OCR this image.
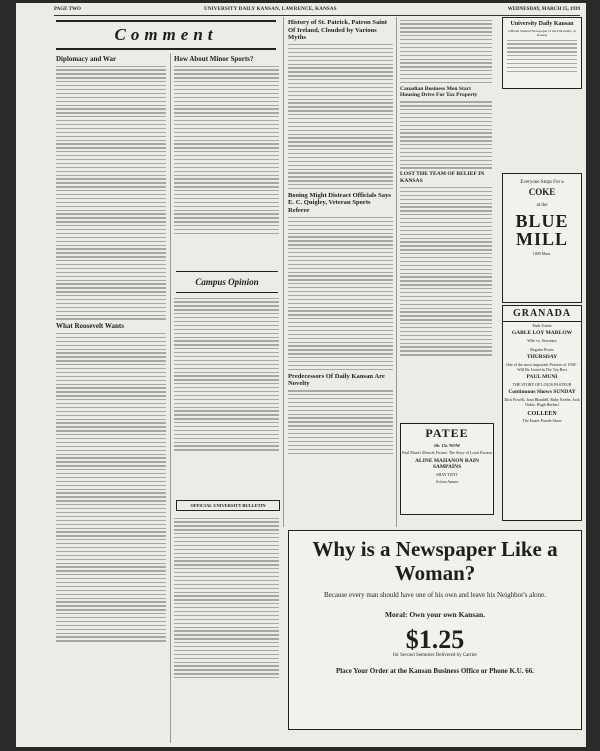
PAGE TWO	UNIVERSITY DAILY KANSAN, LAWRENCE, KANSAS	WEDNESDAY, MARCH 15, 1939
Comment
Diplomacy and War
What Roosevelt Wants
How About Minor Sports?
Campus Opinion
OFFICIAL UNIVERSITY BULLETIN
History of St. Patrick, Patron Saint Of Ireland, Clouded by Various Myths
Booing Might Distract Officials Says E. C. Quigley, Veteran Sports Referee
Predecessors Of Daily Kansan Are Novelty
Canadian Business Men Start Housing Drive For Tax Property
LOST THE TEAM OF BELIEF IN KANSAS
University Daily Kansan
Official Student Newspaper of the University of Kansas
Everyone Stops For a
COKE
at the
BLUE MILL
1009 Mass.
GRANADA
Ends Tonite
GABLE LOY MARLOW
Wife vs. Secretary
Regular Prices
THURSDAY
One of the most important Pictures of 1938 - Will Be Listed in The Ten Best
PAUL MUNI
THE STORY OF LOUIS PASTEUR
Continuous Shows SUNDAY
Dick Powell, Joan Blondell, Ruby Keeler, Jack Oakie, Hugh Herbert
COLLEEN
The Easter Parade Show
PATEE
10c 15c NOW
Paul Muni's Miracle Picture. The Story of Louis Pasteur
ALINE MAHANON RAIN SAMPAINS
SHAY TENT
Action Ammo
Why is a Newspaper Like a Woman?
Because every man should have one of his own and leave his Neighbor's alone.
Moral: Own your own Kansan.
$1.25
for Second Semester Delivered by Carrier
Place Your Order at the Kansan Business Office or Phone K.U. 66.
